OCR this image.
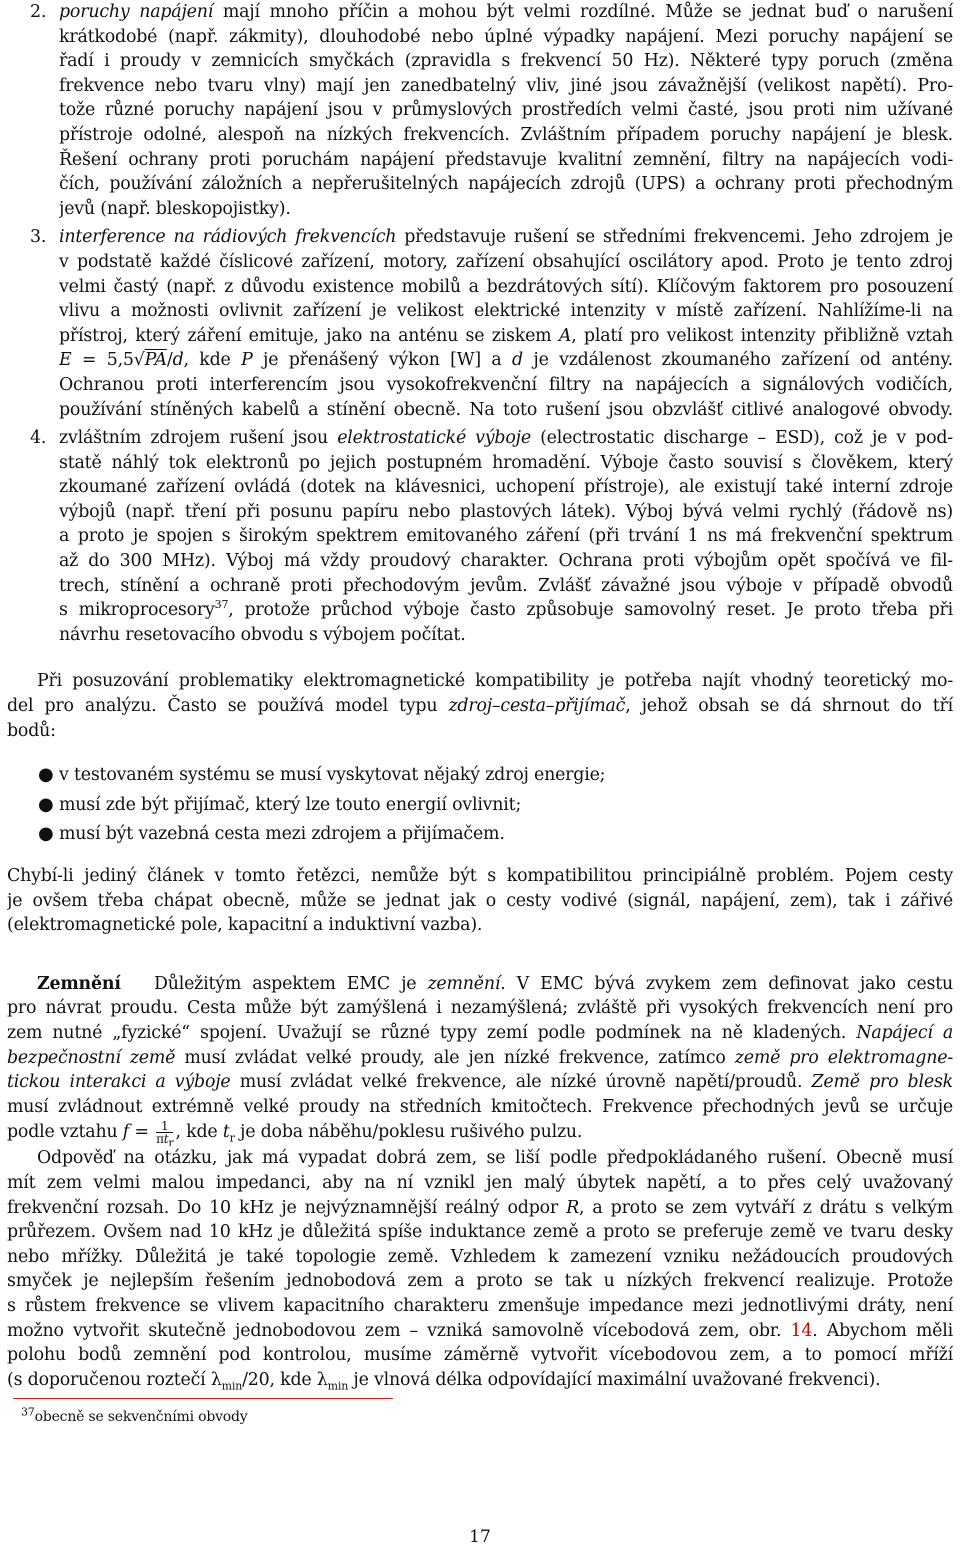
2. poruchy napájení mají mnoho příčin a mohou být velmi rozdílné. Může se jednat buď o narušení
krátkodobé (např. zákmity), dlouhodobé nebo úplné výpadky napájení. Mezi poruchy napájení se
řadí i proudy v zemnicích smyčkách (zpravidla s frekvencí 50 Hz). Některé typy poruch (změna
frekvence nebo tvaru vlny) mají jen zanedbatelný vliv, jiné jsou závažnější (velikost napětí). Pro-
tože různé poruchy napájení jsou v průmyslových prostředích velmi časté, jsou proti nim užívané
přístroje odolné, alespoň na nízkých frekvencích. Zvláštním případem poruchy napájení je blesk.
Řešení ochrany proti poruchám napájení představuje kvalitní zemnění, filtry na napájecích vodi-
čích, používání záložních a nepřerušitelných napájecích zdrojů (UPS) a ochrany proti přechodným
jevů (např. bleskopojistky).
3. interference na rádiových frekvencích představuje rušení se středními frekvencemi. Jeho zdrojem je
v podstatě každé číslicové zařízení, motory, zařízení obsahující oscilátory apod. Proto je tento zdroj
velmi častý (např. z důvodu existence mobilů a bezdrátových sítí). Klíčovým faktorem pro posouzení
vlivu a možnosti ovlivnit zařízení je velikost elektrické intenzity v místě zařízení. Nahlížíme-li na
přístroj, který záření emituje, jako na anténu se ziskem A, platí pro velikost intenzity přibližně vztah
E = 5,5√PA/d, kde P je přenášený výkon [W] a d je vzdálenost zkoumaného zařízení od antény.
Ochranou proti interferencím jsou vysokofrekvenční filtry na napájecích a signálových vodičích,
používání stíněných kabelů a stínění obecně. Na toto rušení jsou obzvlášť citlivé analogové obvody.
4. zvláštním zdrojem rušení jsou elektrostatické výboje (electrostatic discharge – ESD), což je v pod-
statě náhlý tok elektronů po jejich postupném hromadění. Výboje často souvisí s člověkem, který
zkoumané zařízení ovládá (dotek na klávesnici, uchopení přístroje), ale existují také interní zdroje
výbojů (např. tření při posunu papíru nebo plastových látek). Výboj bývá velmi rychlý (řádově ns)
a proto je spojen s širokým spektrem emitovaného záření (při trvání 1 ns má frekvenční spektrum
až do 300 MHz). Výboj má vždy proudový charakter. Ochrana proti výbojům opět spočívá ve fil-
trech, stínění a ochraně proti přechodovým jevům. Zvlášť závažné jsou výboje v případě obvodů
s mikroprocesory$^{37}$, protože průchod výboje často způsobuje samovolný reset. Je proto třeba při
návrhu resetovacího obvodu s výbojem počítat.
Při posuzování problematiky elektromagnetické kompatibility je potřeba najít vhodný teoretický mo-
del pro analýzu. Často se používá model typu zdroj–cesta–přijímač, jehož obsah se dá shrnout do tří
bodů:
● v testovaném systému se musí vyskytovat nějaký zdroj energie;
● musí zde být přijímač, který lze touto energií ovlivnit;
● musí být vazebná cesta mezi zdrojem a přijímačem.
Chybí-li jediný článek v tomto řetězci, nemůže být s kompatibilitou principiálně problém. Pojem cesty
je ovšem třeba chápat obecně, může se jednat jak o cesty vodivé (signál, napájení, zem), tak i zářivé
(elektromagnetické pole, kapacitní a induktivní vazba).
Zemnění Důležitým aspektem EMC je zemnění. V EMC bývá zvykem zem definovat jako cestu
pro návrat proudu. Cesta může být zamýšlená i nezamýšlená; zvláště při vysokých frekvencích není pro
zem nutné „fyzické“ spojení. Uvažují se různé typy zemí podle podmínek na ně kladených. Napájecí a
bezpečnostní země musí zvládat velké proudy, ale jen nízké frekvence, zatímco země pro elektromagne-
tickou interakci a výboje musí zvládat velké frekvence, ale nízké úrovně napětí/proudů. Země pro blesk
musí zvládnout extrémně velké proudy na středních kmitočtech. Frekvence přechodných jevů se určuje
podle vztahu $f = \frac{1}{\pi t_r}$ , kde $t_r$ je doba náběhu/poklesu rušivého pulzu.
Odpověď na otázku, jak má vypadat dobrá zem, se liší podle předpokládaného rušení. Obecně musí
mít zem velmi malou impedanci, aby na ní vznikl jen malý úbytek napětí, a to přes celý uvažovaný
frekvenční rozsah. Do 10 kHz je nejvýznamnější reálný odpor R, a proto se zem vytváří z drátu s velkým
průřezem. Ovšem nad 10 kHz je důležitá spíše induktance země a proto se preferuje země ve tvaru desky
nebo mřížky. Důležitá je také topologie země. Vzhledem k zamezení vzniku nežádoucích proudových
smyček je nejlepším řešením jednobodová zem a proto se tak u nízkých frekvencí realizuje. Protože
s růstem frekvence se vlivem kapacitního charakteru zmenšuje impedance mezi jednotlivými dráty, není
možno vytvořit skutečně jednobodovou zem – vzniká samovolně vícebodová zem, obr. 14. Abychom měli
polohu bodů zemnění pod kontrolou, musíme záměrně vytvořit vícebodovou zem, a to pomocí mříží
(s doporučenou roztečí $\lambda_{min}/20$, kde $\lambda_{min}$ je vlnová délka odpovídající maximální uvažované frekvenci).
$^{37}$obecně se sekvenčními obvody
17
